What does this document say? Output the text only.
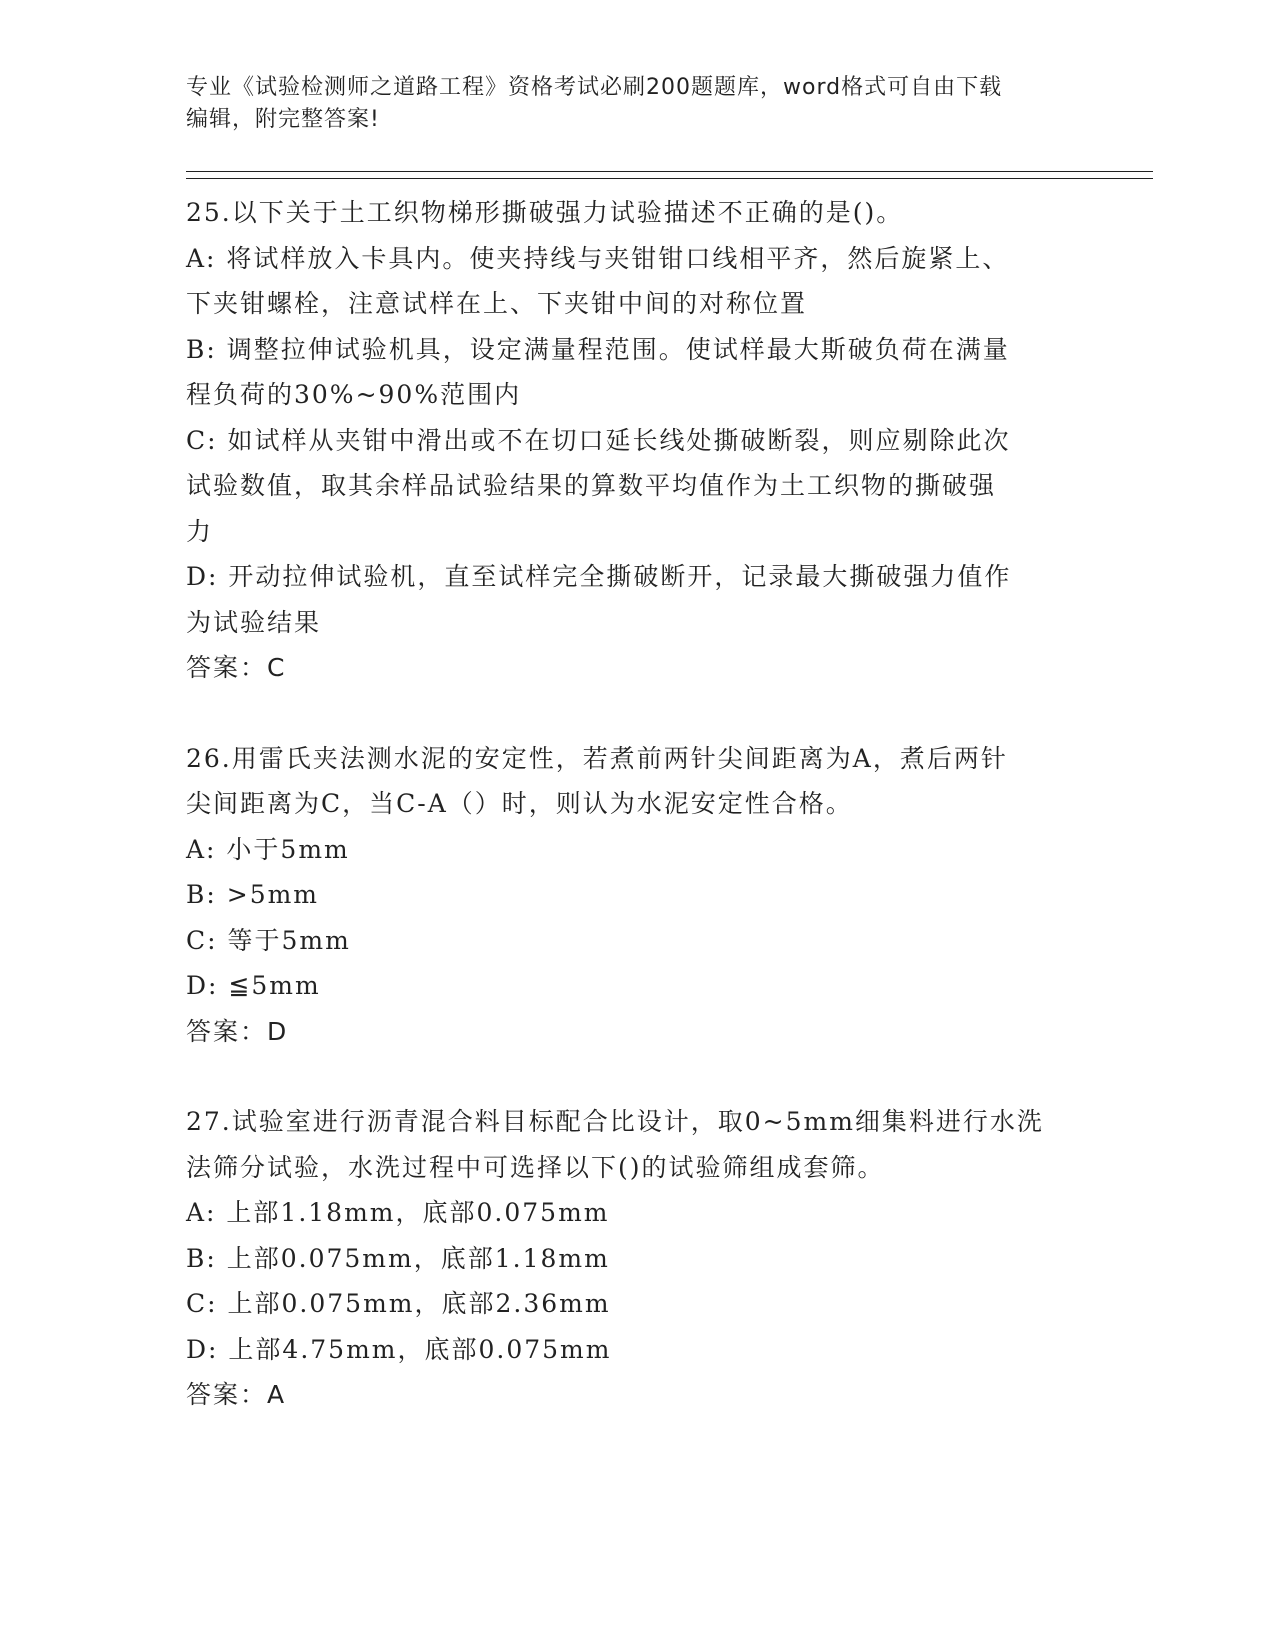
专业《试验检测师之道路工程》资格考试必刷200题题库，word格式可自由下载
编辑，附完整答案!
25.以下关于土工织物梯形撕破强力试验描述不正确的是()。
A: 将试样放入卡具内。使夹持线与夹钳钳口线相平齐，然后旋紧上、
下夹钳螺栓，注意试样在上、下夹钳中间的对称位置
B: 调整拉伸试验机具，设定满量程范围。使试样最大斯破负荷在满量
程负荷的30%~90%范围内
C: 如试样从夹钳中滑出或不在切口延长线处撕破断裂，则应剔除此次
试验数值，取其余样品试验结果的算数平均值作为土工织物的撕破强
力
D: 开动拉伸试验机，直至试样完全撕破断开，记录最大撕破强力值作
为试验结果
答案：C
26.用雷氏夹法测水泥的安定性，若煮前两针尖间距离为A，煮后两针
尖间距离为C，当C-A（）时，则认为水泥安定性合格。
A: 小于5mm
B: >5mm
C: 等于5mm
D: ≦5mm
答案：D
27.试验室进行沥青混合料目标配合比设计，取0~5mm细集料进行水洗
法筛分试验，水洗过程中可选择以下()的试验筛组成套筛。
A: 上部1.18mm，底部0.075mm
B: 上部0.075mm，底部1.18mm
C: 上部0.075mm，底部2.36mm
D: 上部4.75mm，底部0.075mm
答案：A
